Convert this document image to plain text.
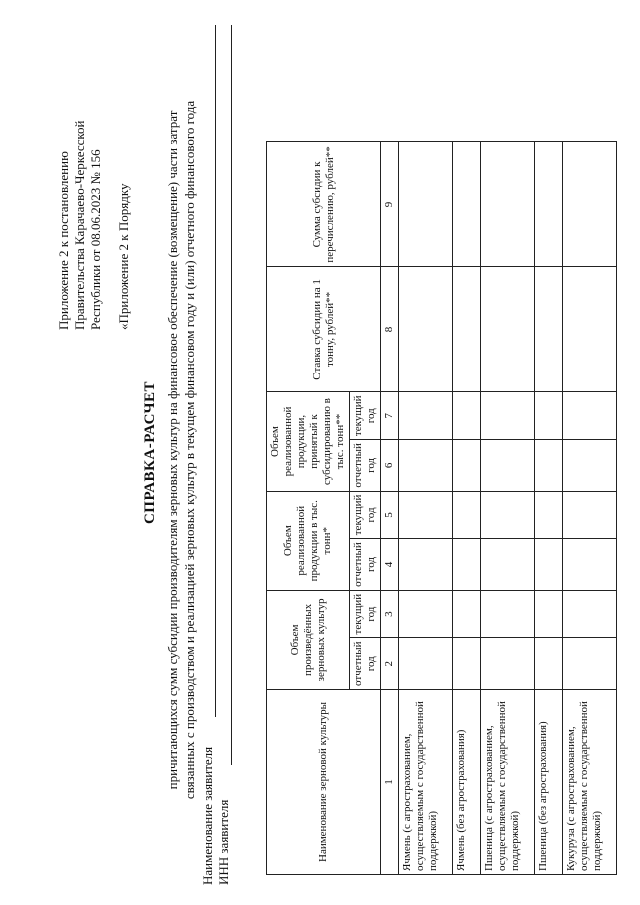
Приложение 2 к постановлению Правительства Карачаево-Черкесской Республики от 08.06.2023 № 156 «Приложение 2 к Порядку
СПРАВКА-РАСЧЕТ причитающихся сумм субсидии производителям зерновых культур на финансовое обеспечение (возмещение) части затрат связанных с производством и реализацией зерновых культур в текущем финансовом году и (или) отчетного финансового года
Наименование заявителя ИНН заявителя	Наименование зерновой культуры	Объем произведённых зерновых культур		Объем реализованной продукции в тыс. тонн*		Объем реализованной продукции, принятый к субсидированию в тыс. тонн**		Ставка субсидии на 1 тонну, рублей**	Сумма субсидии к перечислению, рублей**
	отчетный год	текущий год	отчетный год	текущий год	отчетный год	текущий год		
1	2	3	4	5	6	7	8	9
Ячмень (с агрострахованием, осуществляемым с государственной поддержкой)								
Ячмень (без агрострахования)								
Пшеница (с агрострахованием, осуществляемым с государственной поддержкой)								
Пшеница (без агрострахования)								
Кукуруза (с агрострахованием, осуществляемым с государственной поддержкой)								
